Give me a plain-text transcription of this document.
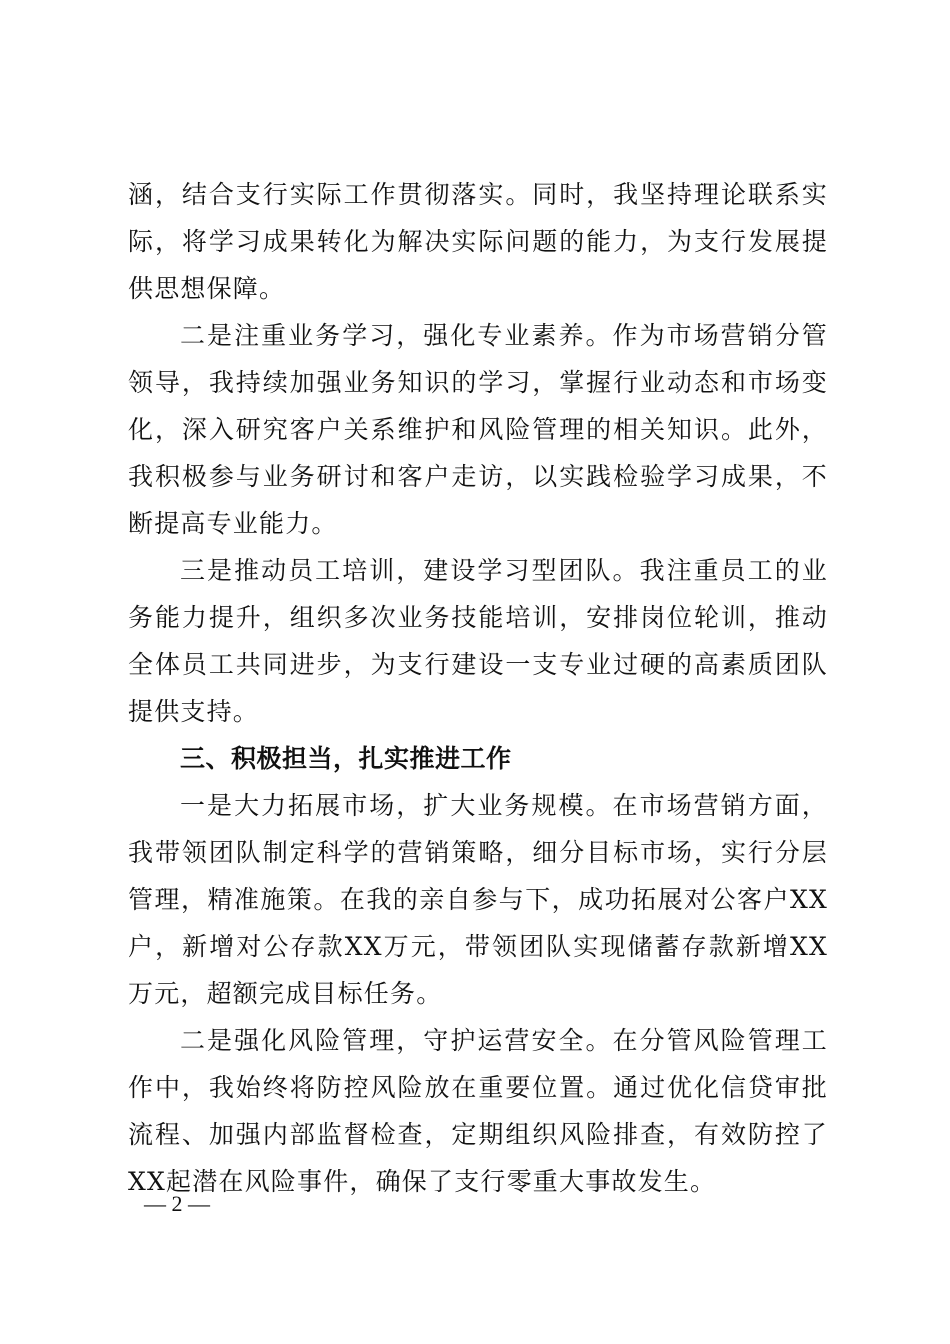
涵，结合支行实际工作贯彻落实。同时，我坚持理论联系实际，将学习成果转化为解决实际问题的能力，为支行发展提供思想保障。

二是注重业务学习，强化专业素养。作为市场营销分管领导，我持续加强业务知识的学习，掌握行业动态和市场变化，深入研究客户关系维护和风险管理的相关知识。此外，我积极参与业务研讨和客户走访，以实践检验学习成果，不断提高专业能力。

三是推动员工培训，建设学习型团队。我注重员工的业务能力提升，组织多次业务技能培训，安排岗位轮训，推动全体员工共同进步，为支行建设一支专业过硬的高素质团队提供支持。

三、积极担当，扎实推进工作

一是大力拓展市场，扩大业务规模。在市场营销方面，我带领团队制定科学的营销策略，细分目标市场，实行分层管理，精准施策。在我的亲自参与下，成功拓展对公客户XX户，新增对公存款XX万元，带领团队实现储蓄存款新增XX万元，超额完成目标任务。

二是强化风险管理，守护运营安全。在分管风险管理工作中，我始终将防控风险放在重要位置。通过优化信贷审批流程、加强内部监督检查，定期组织风险排查，有效防控了XX起潜在风险事件，确保了支行零重大事故发生。

— 2 —
